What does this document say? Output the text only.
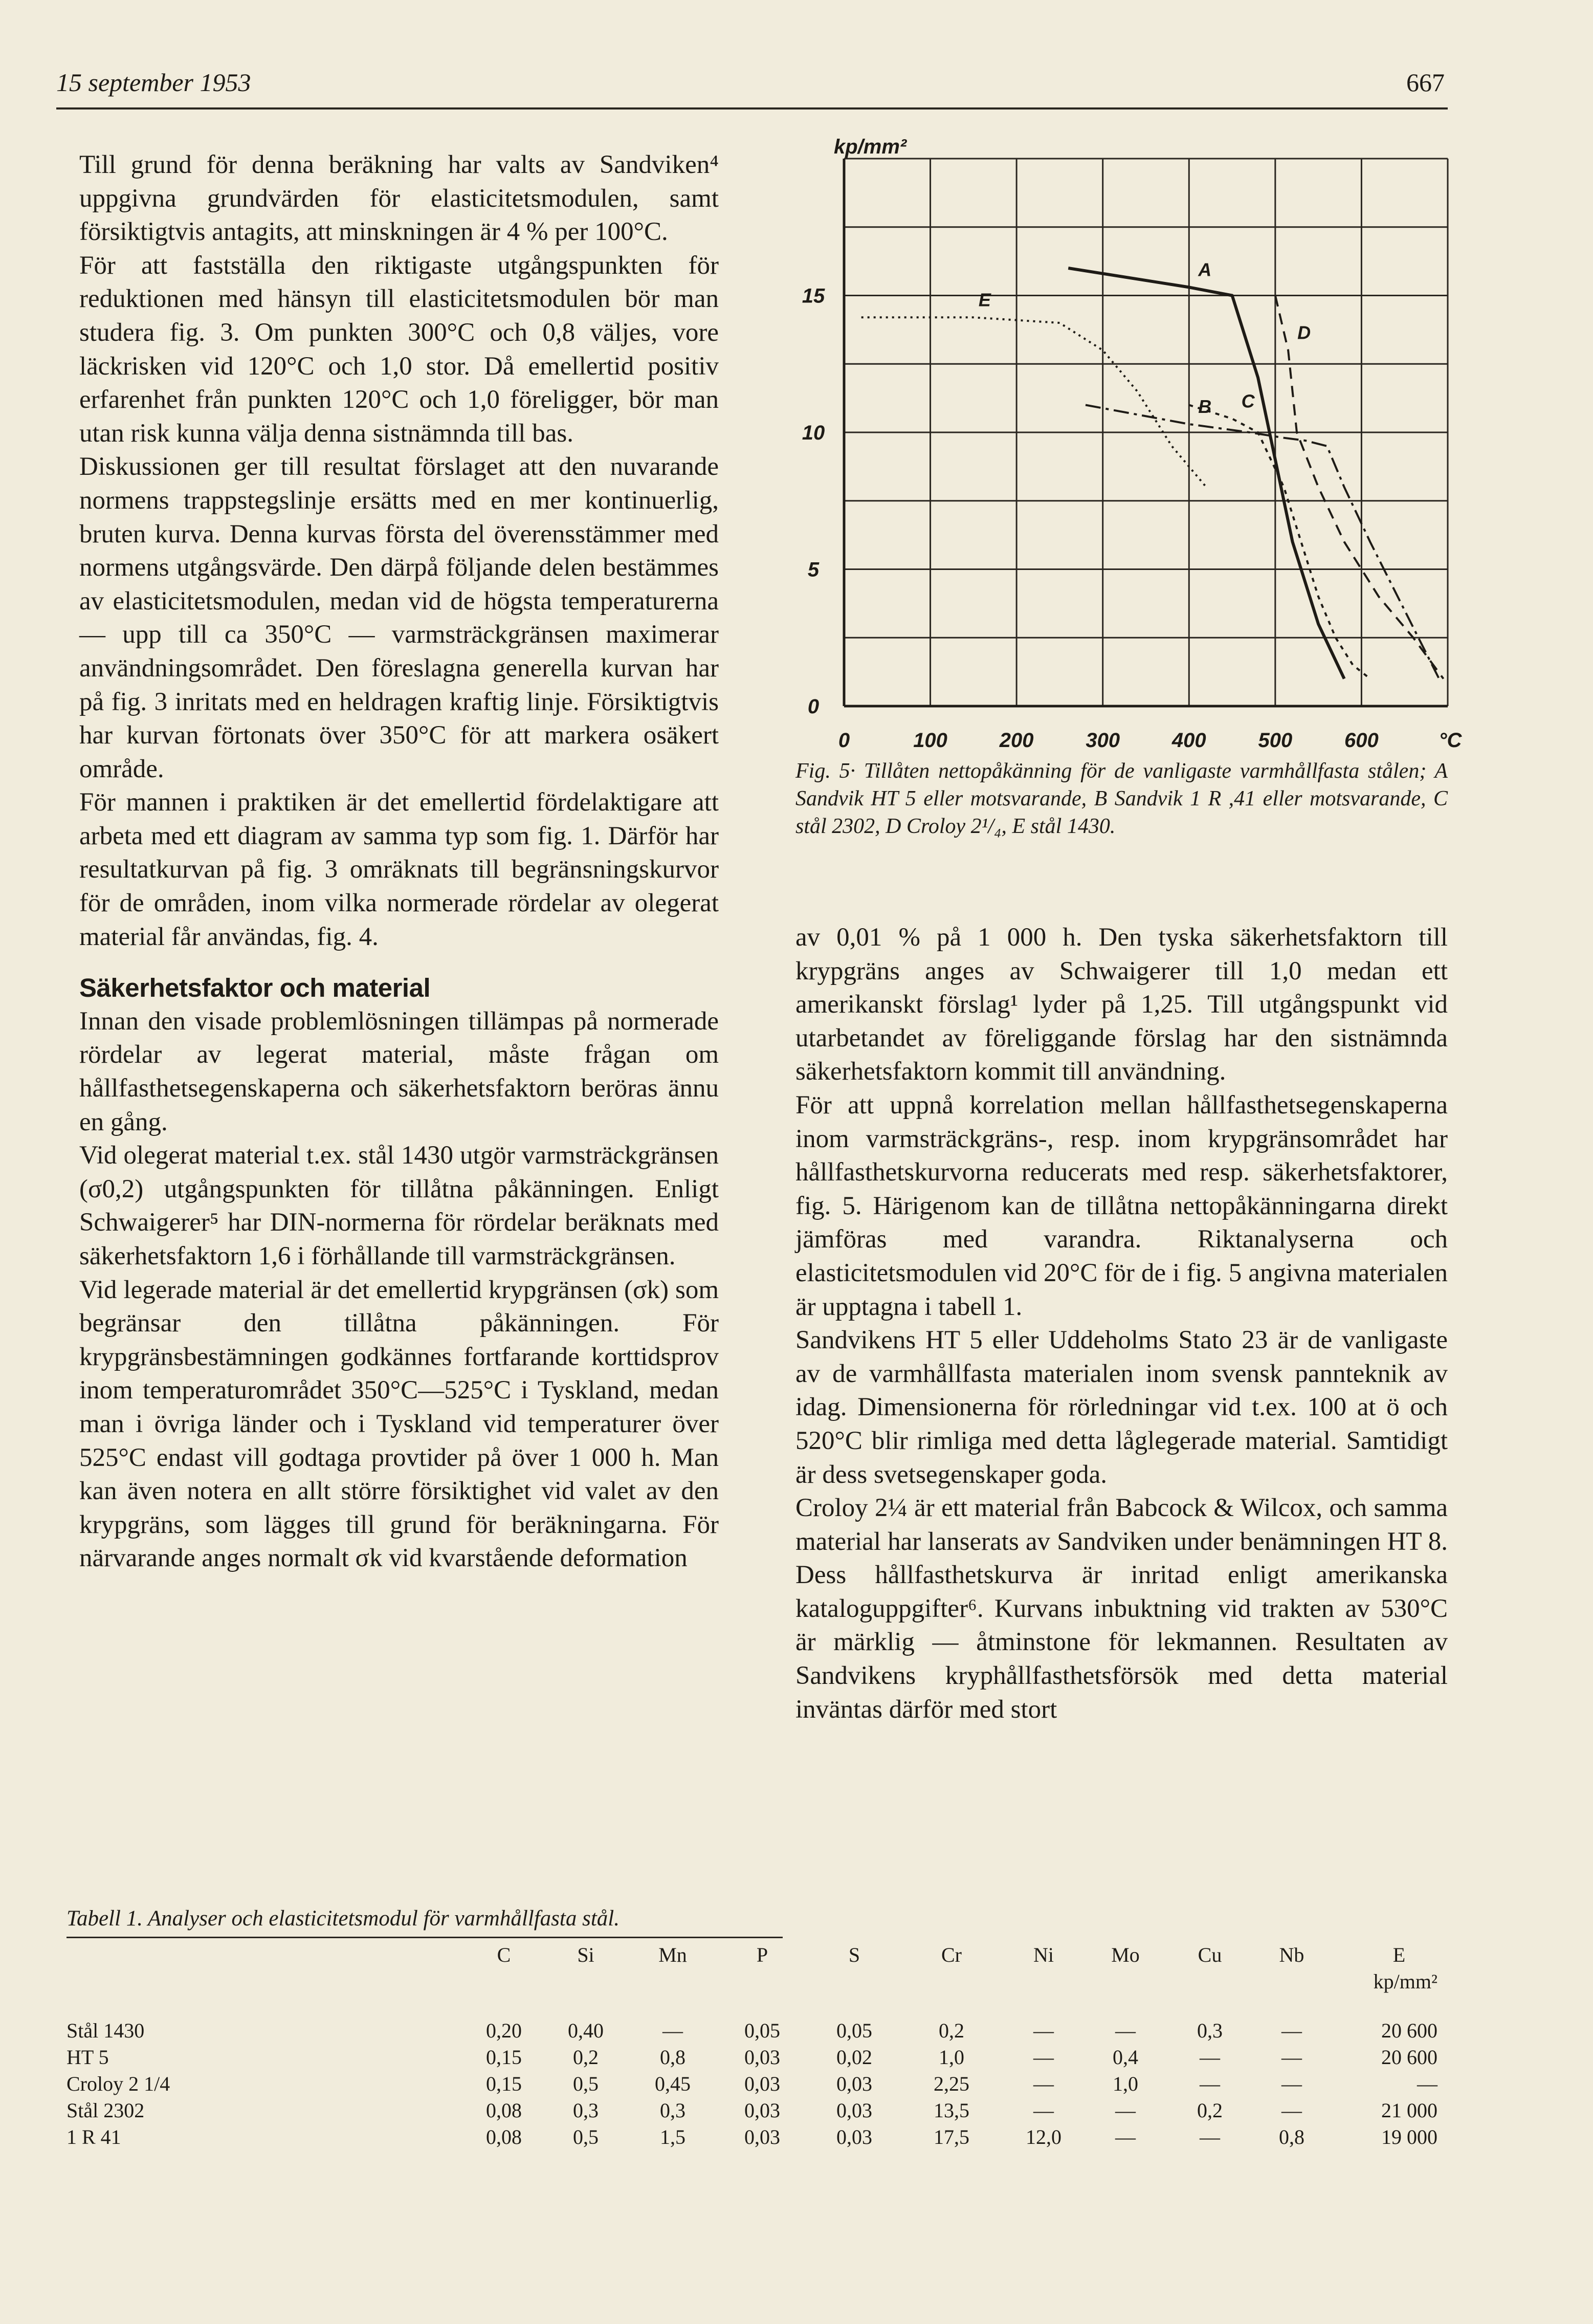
15 september 1953	667

Till grund för denna beräkning har valts av Sandviken⁴ uppgivna grundvärden för elasticitetsmodulen, samt försiktigtvis antagits, att minskningen är 4 % per 100°C.

För att fastställa den riktigaste utgångspunkten för reduktionen med hänsyn till elasticitetsmodulen bör man studera fig. 3. Om punkten 300°C och 0,8 väljes, vore läckrisken vid 120°C och 1,0 stor. Då emellertid positiv erfarenhet från punkten 120°C och 1,0 föreligger, bör man utan risk kunna välja denna sistnämnda till bas.

Diskussionen ger till resultat förslaget att den nuvarande normens trappstegslinje ersätts med en mer kontinuerlig, bruten kurva. Denna kurvas första del överensstämmer med normens utgångsvärde. Den därpå följande delen bestämmes av elasticitetsmodulen, medan vid de högsta temperaturerna — upp till ca 350°C — varmsträckgränsen maximerar användningsområdet. Den föreslagna generella kurvan har på fig. 3 inritats med en heldragen kraftig linje. Försiktigtvis har kurvan förtonats över 350°C för att markera osäkert område.

För mannen i praktiken är det emellertid fördelaktigare att arbeta med ett diagram av samma typ som fig. 1. Därför har resultatkurvan på fig. 3 omräknats till begränsningskurvor för de områden, inom vilka normerade rördelar av olegerat material får användas, fig. 4.

Säkerhetsfaktor och material

Innan den visade problemlösningen tillämpas på normerade rördelar av legerat material, måste frågan om hållfasthetsegenskaperna och säkerhetsfaktorn beröras ännu en gång.

Vid olegerat material t.ex. stål 1430 utgör varmsträckgränsen (σ0,2) utgångspunkten för tillåtna påkänningen. Enligt Schwaigerer⁵ har DIN-normerna för rördelar beräknats med säkerhetsfaktorn 1,6 i förhållande till varmsträckgränsen.

Vid legerade material är det emellertid krypgränsen (σk) som begränsar den tillåtna påkänningen. För krypgränsbestämningen godkännes fortfarande korttidsprov inom temperaturområdet 350°C—525°C i Tyskland, medan man i övriga länder och i Tyskland vid temperaturer över 525°C endast vill godtaga provtider på över 1 000 h. Man kan även notera en allt större försiktighet vid valet av den krypgräns, som lägges till grund för beräkningarna. För närvarande anges normalt σk vid kvarstående deformation

0	100	200	300	400	500	600	°C
0
5
10
15
kp/mm²
A
B C
D
E
Fig. 5· Tillåten nettopåkänning för de vanligaste varmhållfasta stålen; A Sandvik HT 5 eller motsvarande, B Sandvik 1 R ,41 eller motsvarande, C stål 2302, D Croloy 2¹/₄, E stål 1430.

av 0,01 % på 1 000 h. Den tyska säkerhetsfaktorn till krypgräns anges av Schwaigerer till 1,0 medan ett amerikanskt förslag¹ lyder på 1,25. Till utgångspunkt vid utarbetandet av föreliggande förslag har den sistnämnda säkerhetsfaktorn kommit till användning.

För att uppnå korrelation mellan hållfasthetsegenskaperna inom varmsträckgräns-, resp. inom krypgränsområdet har hållfasthetskurvorna reducerats med resp. säkerhetsfaktorer, fig. 5. Härigenom kan de tillåtna nettopåkänningarna direkt jämföras med varandra. Riktanalyserna och elasticitetsmodulen vid 20°C för de i fig. 5 angivna materialen är upptagna i tabell 1.

Sandvikens HT 5 eller Uddeholms Stato 23 är de vanligaste av de varmhållfasta materialen inom svensk pannteknik av idag. Dimensionerna för rörledningar vid t.ex. 100 at ö och 520°C blir rimliga med detta låglegerade material. Samtidigt är dess svetsegenskaper goda.

Croloy 2¼ är ett material från Babcock & Wilcox, och samma material har lanserats av Sandviken under benämningen HT 8. Dess hållfasthetskurva är inritad enligt amerikanska kataloguppgifter⁶. Kurvans inbuktning vid trakten av 530°C är märklig — åtminstone för lekmannen. Resultaten av Sandvikens kryphållfasthetsförsök med detta material inväntas därför med stort

Tabell 1. Analyser och elasticitetsmodul för varmhållfasta stål.
	C	Si	Mn	P	S	Cr	Ni	Mo	Cu	Nb	E
kp/mm²
Stål 1430	0,20	0,40	—	0,05	0,05	0,2	—	—	0,3	—	20 600
HT 5	0,15	0,2	0,8	0,03	0,02	1,0	—	0,4	—	—	20 600
Croloy 2 1/4	0,15	0,5	0,45	0,03	0,03	2,25	—	1,0	—	—	—
Stål 2302	0,08	0,3	0,3	0,03	0,03	13,5	—	—	0,2	—	21 000
1 R 41	0,08	0,5	1,5	0,03	0,03	17,5	12,0	—	—	0,8	19 000
